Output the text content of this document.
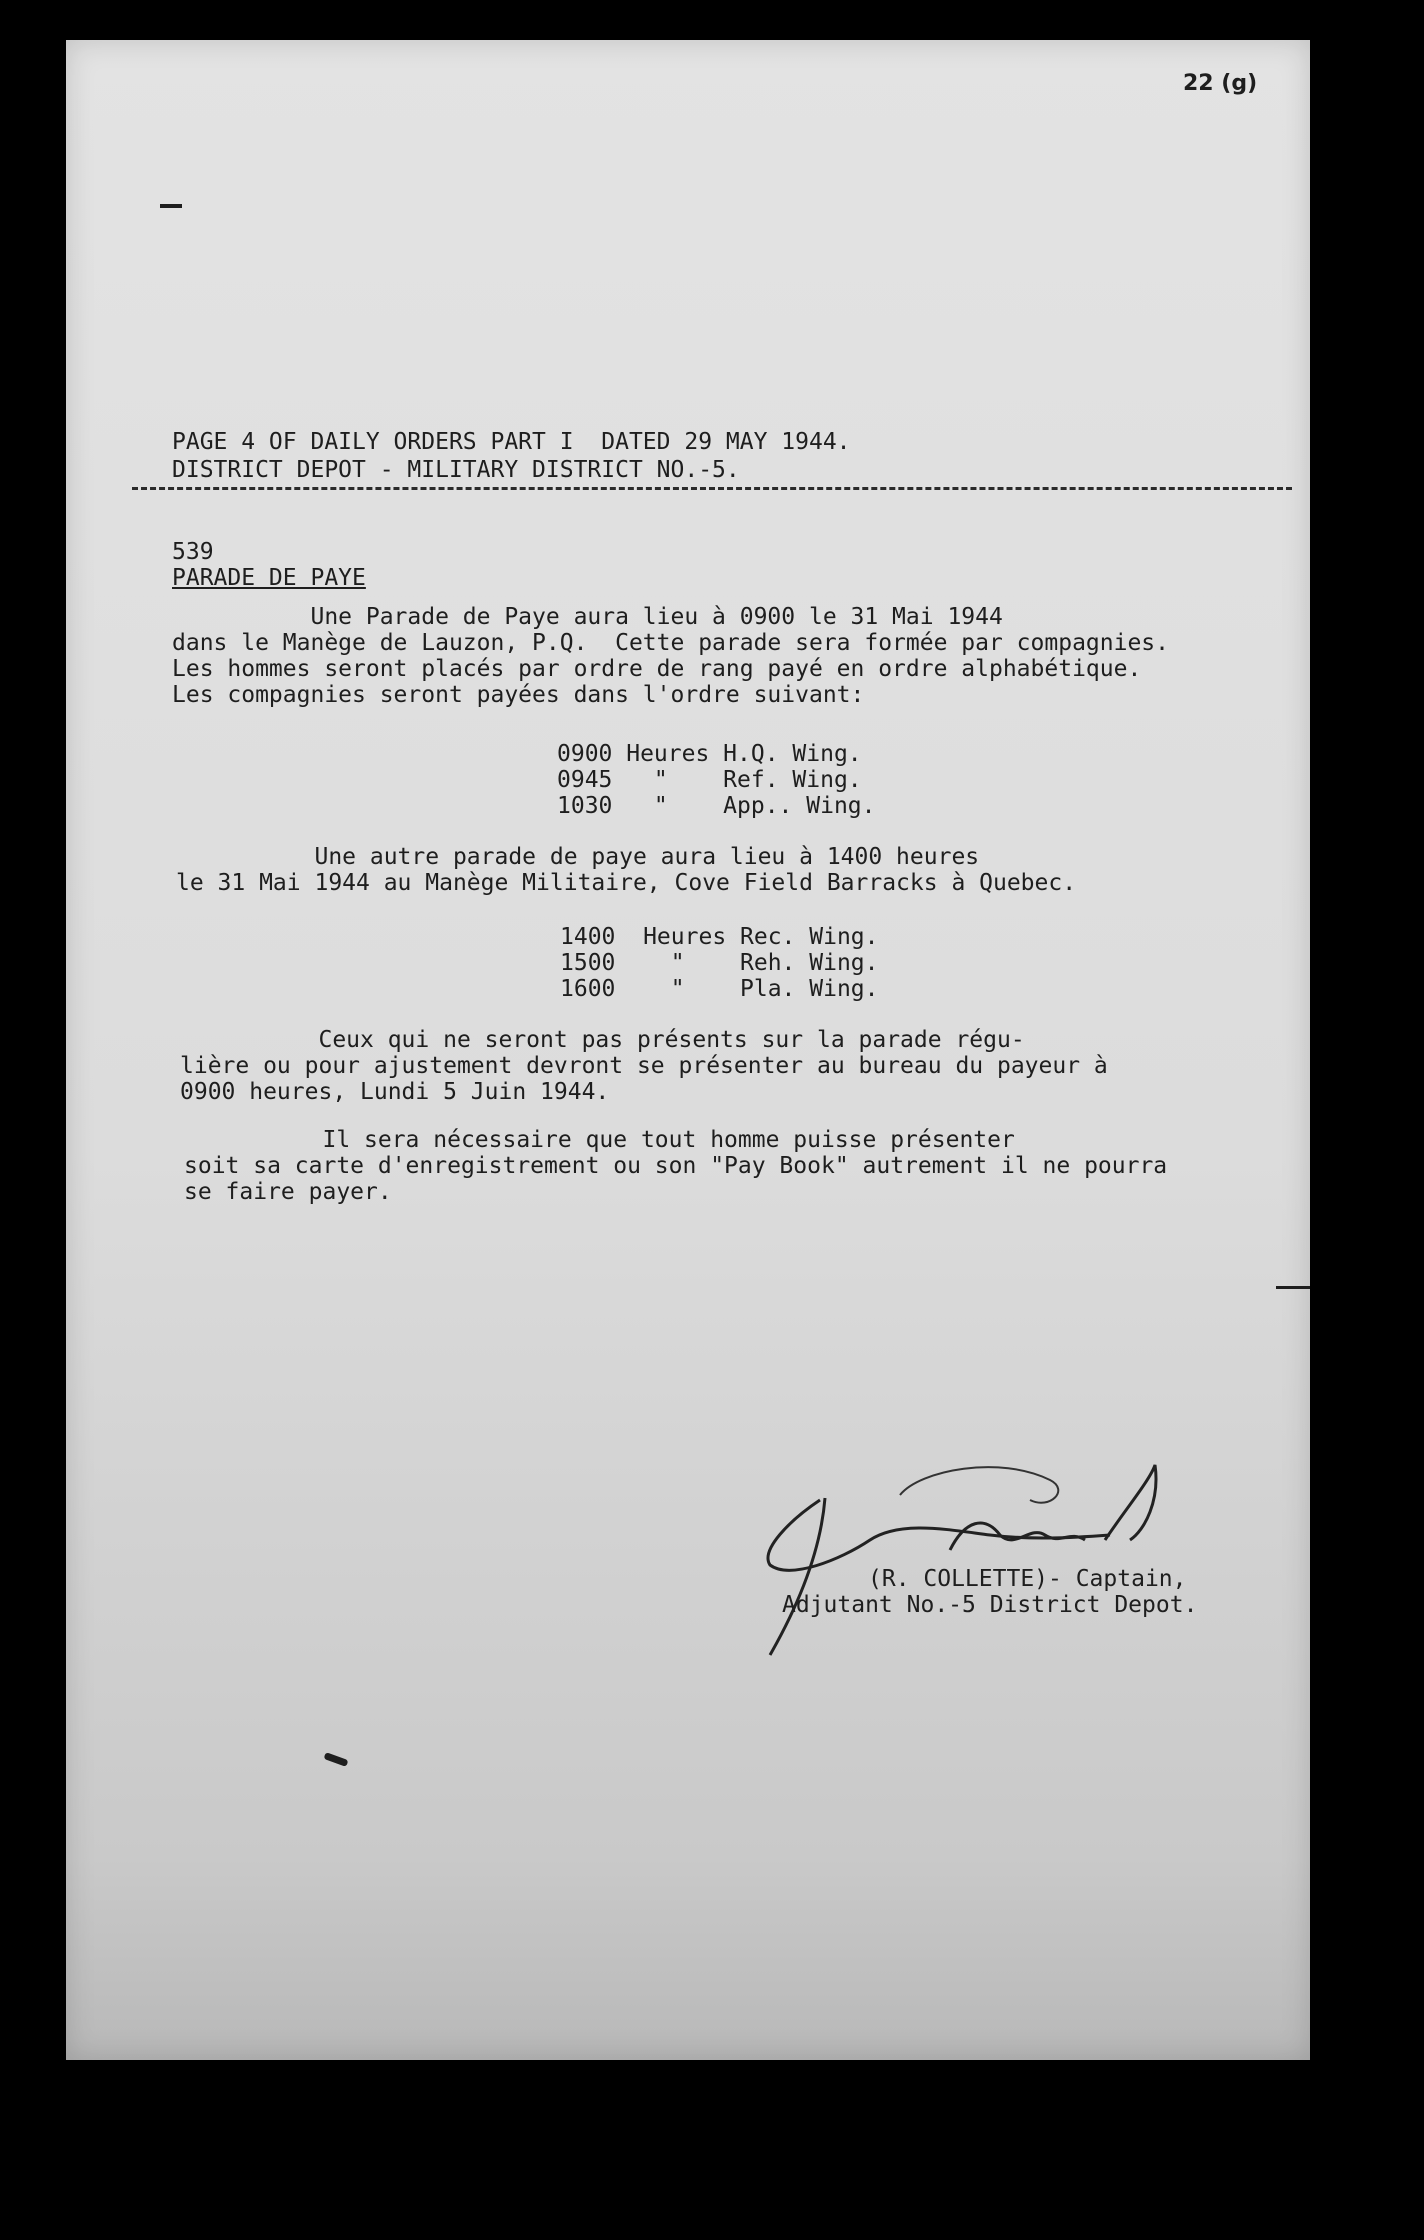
22 (g)
PAGE 4 OF DAILY ORDERS PART I  DATED 29 MAY 1944.
DISTRICT DEPOT - MILITARY DISTRICT NO.-5.
539
PARADE DE PAYE
Une Parade de Paye aura lieu à 0900 le 31 Mai 1944
dans le Manège de Lauzon, P.Q.  Cette parade sera formée par compagnies.
Les hommes seront placés par ordre de rang payé en ordre alphabétique.
Les compagnies seront payées dans l'ordre suivant:
0900 Heures H.Q. Wing.
0945   "    Ref. Wing.
1030   "    App.. Wing.
Une autre parade de paye aura lieu à 1400 heures
le 31 Mai 1944 au Manège Militaire, Cove Field Barracks à Quebec.
1400  Heures Rec. Wing.
1500    "    Reh. Wing.
1600    "    Pla. Wing.
Ceux qui ne seront pas présents sur la parade régu-
lière ou pour ajustement devront se présenter au bureau du payeur à
0900 heures, Lundi 5 Juin 1944.
Il sera nécessaire que tout homme puisse présenter
soit sa carte d'enregistrement ou son "Pay Book" autrement il ne pourra
se faire payer.
(R. COLLETTE)- Captain,
Adjutant No.-5 District Depot.
